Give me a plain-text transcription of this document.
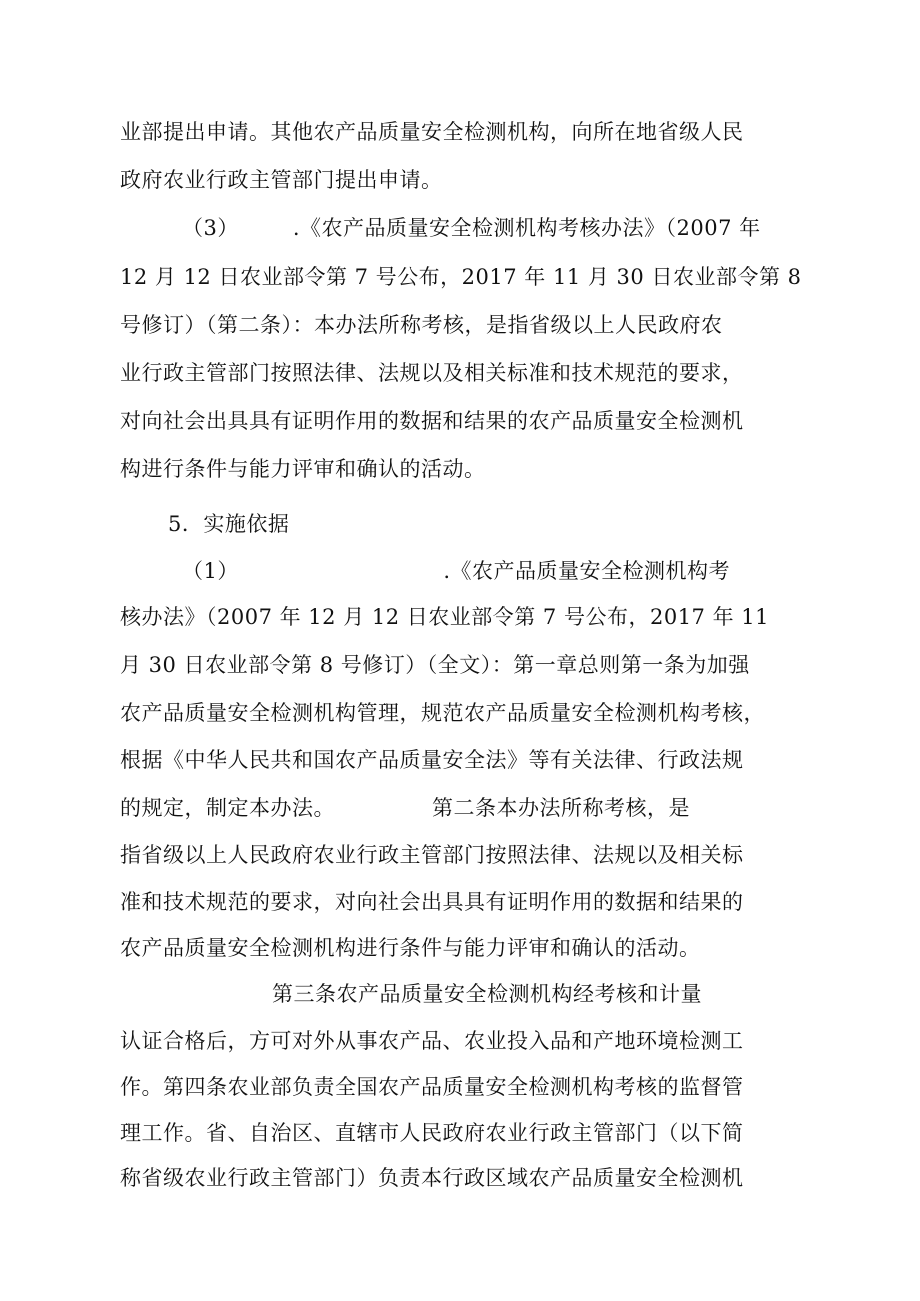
业部提出申请。其他农产品质量安全检测机构，向所在地省级人民
政府农业行政主管部门提出申请。
（3）　　　.《农产品质量安全检测机构考核办法》（2007 年
12 月 12 日农业部令第 7 号公布，2017 年 11 月 30 日农业部令第 8
号修订）（第二条）：本办法所称考核，是指省级以上人民政府农
业行政主管部门按照法律、法规以及相关标准和技术规范的要求，
对向社会出具具有证明作用的数据和结果的农产品质量安全检测机
构进行条件与能力评审和确认的活动。
5．实施依据
（1）　　　　　　　　　　.《农产品质量安全检测机构考
核办法》（2007 年 12 月 12 日农业部令第 7 号公布，2017 年 11
月 30 日农业部令第 8 号修订）（全文）：第一章总则第一条为加强
农产品质量安全检测机构管理，规范农产品质量安全检测机构考核，
根据《中华人民共和国农产品质量安全法》等有关法律、行政法规
的规定，制定本办法。　　　　　第二条本办法所称考核，是
指省级以上人民政府农业行政主管部门按照法律、法规以及相关标
准和技术规范的要求，对向社会出具具有证明作用的数据和结果的
农产品质量安全检测机构进行条件与能力评审和确认的活动。
第三条农产品质量安全检测机构经考核和计量
认证合格后，方可对外从事农产品、农业投入品和产地环境检测工
作。第四条农业部负责全国农产品质量安全检测机构考核的监督管
理工作。省、自治区、直辖市人民政府农业行政主管部门（以下简
称省级农业行政主管部门）负责本行政区域农产品质量安全检测机
